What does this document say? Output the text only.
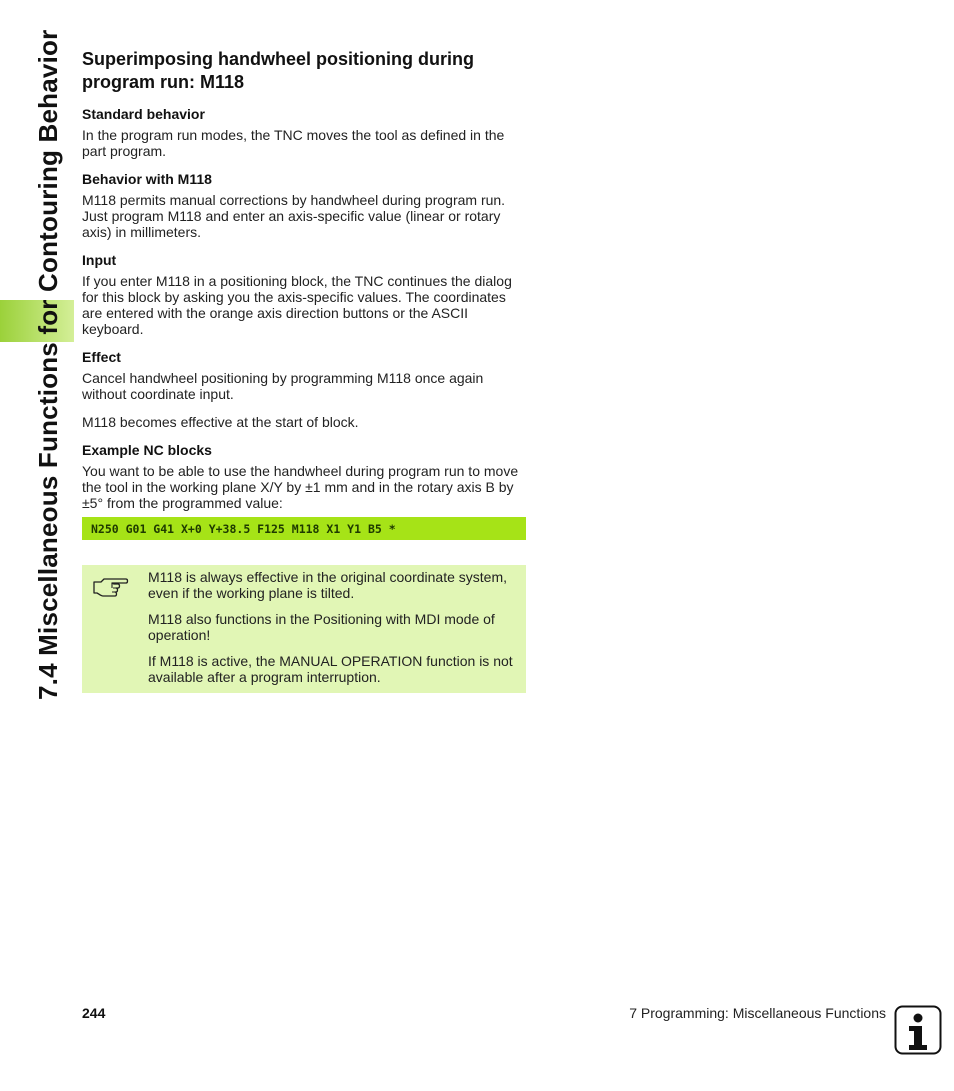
7.4 Miscellaneous Functions for Contouring Behavior Superimposing handwheel positioning during program run: M118
Standard behavior

In the program run modes, the TNC moves the tool as defined in the part program.

Behavior with M118

M118 permits manual corrections by handwheel during program run. Just program M118 and enter an axis-specific value (linear or rotary axis) in millimeters.

Input

If you enter M118 in a positioning block, the TNC continues the dialog for this block by asking you the axis-specific values. The coordinates are entered with the orange axis direction buttons or the ASCII keyboard.

Effect

Cancel handwheel positioning by programming M118 once again without coordinate input.

M118 becomes effective at the start of block.

Example NC blocks

You want to be able to use the handwheel during program run to move the tool in the working plane X/Y by ±1 mm and in the rotary axis B by ±5° from the programmed value:

N250 G01 G41 X+0 Y+38.5 F125 M118 X1 Y1 B5 *

M118 is always effective in the original coordinate system, even if the working plane is tilted.

M118 also functions in the Positioning with MDI mode of operation!

If M118 is active, the MANUAL OPERATION function is not available after a program interruption.

244	7 Programming: Miscellaneous Functions
